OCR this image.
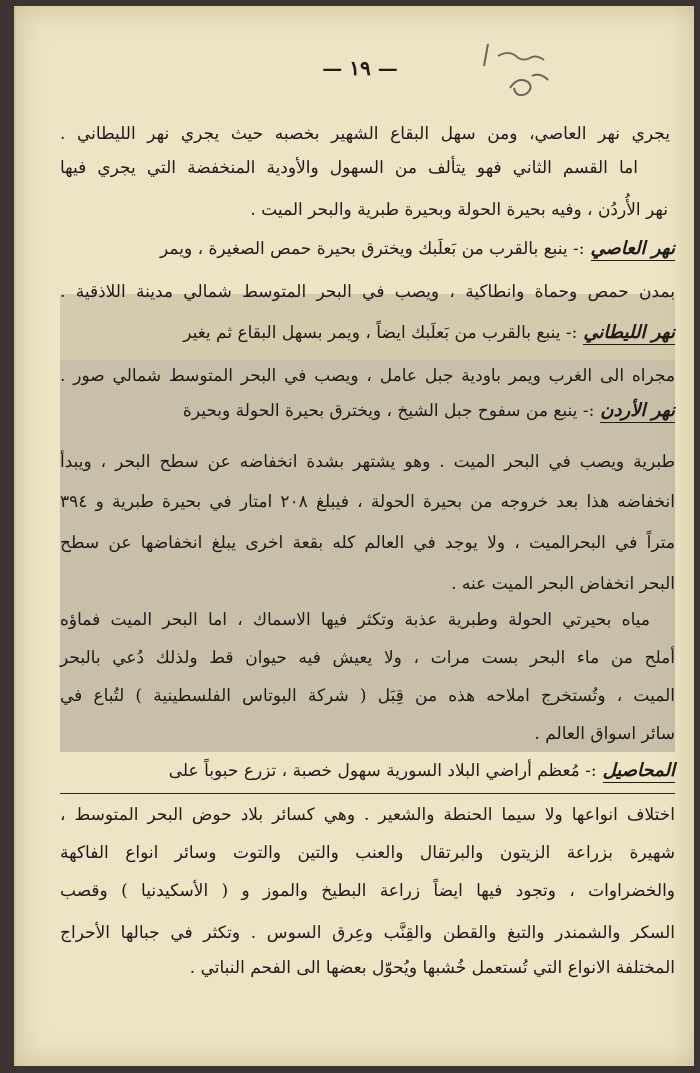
— ١٩ —
يجري نهر العاصي، ومن سهل البقاع الشهير بخصبه حيث يجري نهر الليطاني .
اما القسم الثاني فهو يتألف من السهول والأودية المنخفضة التي يجري فيها
نهر الأُردُن ، وفيه بحيرة الحولة وبحيرة طبرية والبحر الميت .
نهر العاصي:- ينبع بالقرب من بَعلَبك ويخترق بحيرة حمص الصغيرة ، ويمر
بمدن حمص وحماة وانطاكية ، ويصب في البحر المتوسط شمالي مدينة اللاذقية .
نهر الليطاني:- ينبع بالقرب من بَعلَبك ايضاً ، ويمر بسهل البقاع ثم يغير
مجراه الى الغرب ويمر باودية جبل عامل ، ويصب في البحر المتوسط شمالي صور .
نهر الأردن:- ينبع من سفوح جبل الشيخ ، ويخترق بحيرة الحولة وبحيرة
طبرية ويصب في البحر الميت . وهو يشتهر بشدة انخفاضه عن سطح البحر ، ويبدأ
انخفاضه هذا بعد خروجه من بحيرة الحولة ، فيبلغ ٢٠٨ امتار في بحيرة طبرية و ٣٩٤
متراً في البحرالميت ، ولا يوجد في العالم كله بقعة اخرى يبلغ انخفاضها عن سطح
البحر انخفاض البحر الميت عنه .
مياه بحيرتي الحولة وطبرية عذبة وتكثر فيها الاسماك ، اما البحر الميت فماؤه
أملح من ماء البحر بست مرات ، ولا يعيش فيه حيوان قط ولذلك دُعي بالبحر
الميت ، وتُستخرج املاحه هذه من قِبَل ( شركة البوتاس الفلسطينية ) لتُباع في
سائر اسواق العالم .
المحاصيل:- مُعظم أراضي البلاد السورية سهول خصبة ، تزرع حبوباً على
اختلاف انواعها ولا سيما الحنطة والشعير . وهي كسائر بلاد حوض البحر المتوسط ،
شهيرة بزراعة الزيتون والبرتقال والعنب والتين والتوت وسائر انواع الفاكهة
والخضراوات ، وتجود فيها ايضاً زراعة البطيخ والموز و ( الأسكيدنيا ) وقصب
السكر والشمندر والتبغ والقطن والقِنَّب وعِرق السوس . وتكثر في جبالها الأحراج
المختلفة الانواع التي تُستعمل خُشبها ويُحوّل بعضها الى الفحم النباتي .
